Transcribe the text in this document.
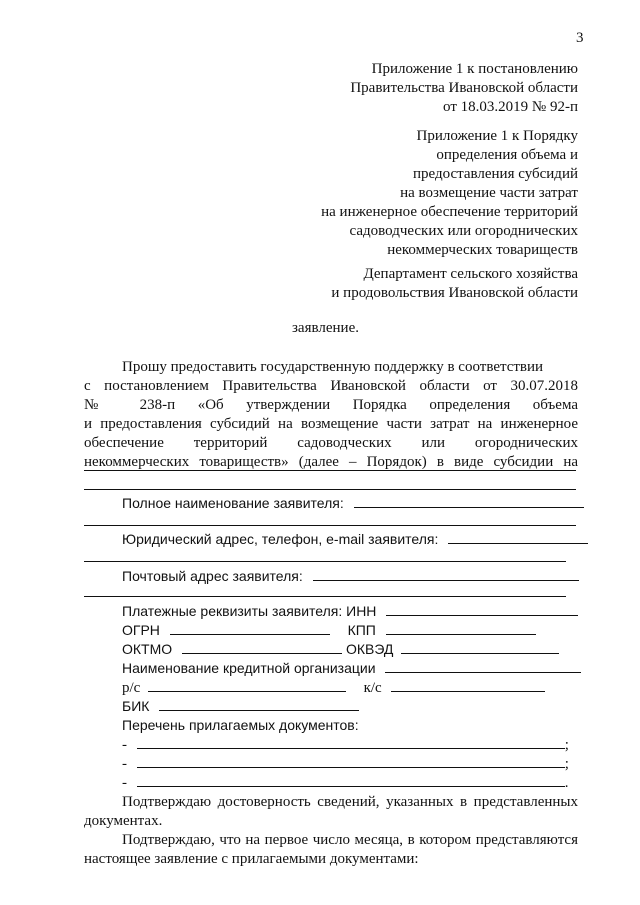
3
Приложение 1 к постановлению
Правительства Ивановской области
от 18.03.2019 № 92-п
Приложение 1 к Порядку
определения объема и
предоставления субсидий
на возмещение части затрат
на инженерное обеспечение территорий
садоводческих или огороднических
некоммерческих товариществ
Департамент сельского хозяйства
и продовольствия Ивановской области
заявление.
Прошу предоставить государственную поддержку в соответствии
с постановлением Правительства Ивановской области от 30.07.2018
№ 238-п «Об утверждении Порядка определения объема
и предоставления субсидий на возмещение части затрат на инженерное
обеспечение территорий садоводческих или огороднических
некоммерческих товариществ» (далее – Порядок) в виде субсидии на
Полное наименование заявителя:
Юридический адрес, телефон, e-mail заявителя:
Почтовый адрес заявителя:
Платежные реквизиты заявителя: ИНН
ОГРН	КПП
ОКТМО	ОКВЭД
Наименование кредитной организации
р/с	к/с
БИК
Перечень прилагаемых документов:
-	;
-	;
-	.
Подтверждаю достоверность сведений, указанных в представленных
документах.
Подтверждаю, что на первое число месяца, в котором представляются
настоящее заявление с прилагаемыми документами:
